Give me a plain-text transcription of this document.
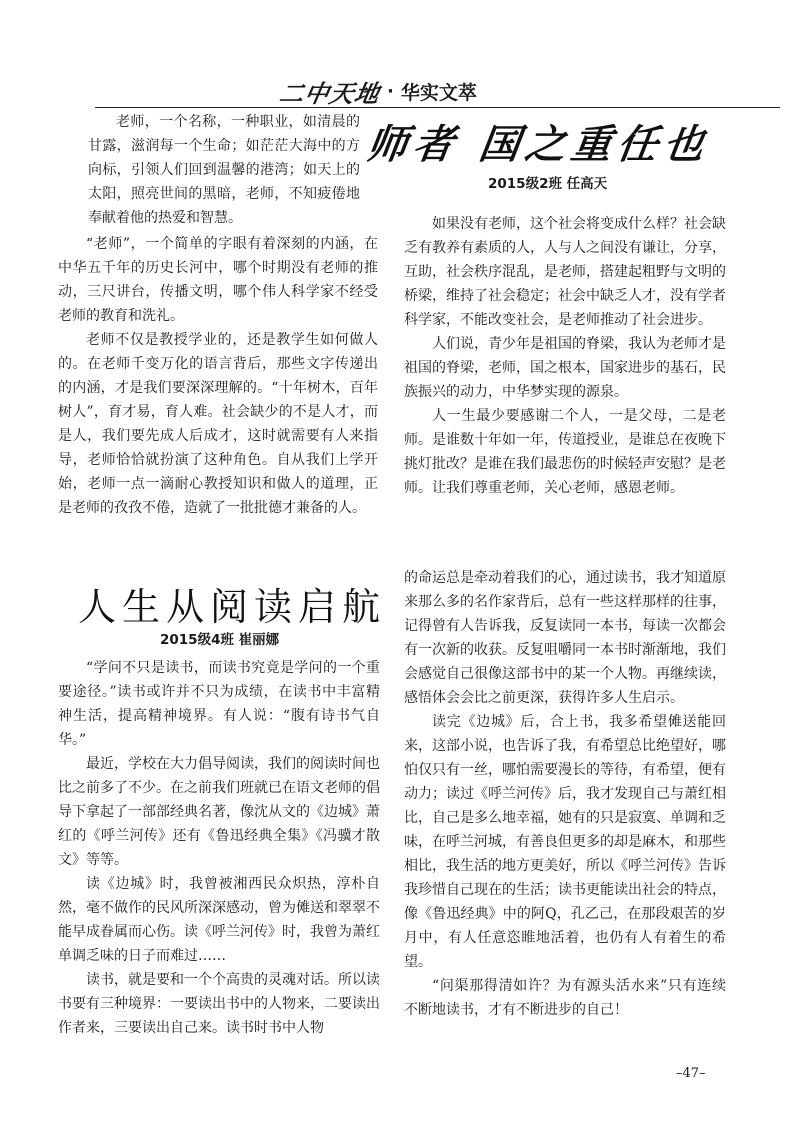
二中天地 · 华实文萃
师者 国之重任也
2015级2班 任高天

老师，一个名称，一种职业，如清晨的甘露，滋润每一个生命；如茫茫大海中的方向标，引领人们回到温馨的港湾；如天上的太阳，照亮世间的黑暗，老师，不知疲倦地奉献着他的热爱和智慧。

“老师”，一个简单的字眼有着深刻的内涵，在中华五千年的历史长河中，哪个时期没有老师的推动，三尺讲台，传播文明，哪个伟人科学家不经受老师的教育和洗礼。

老师不仅是教授学业的，还是教学生如何做人的。在老师千变万化的语言背后，那些文字传递出的内涵，才是我们要深深理解的。“十年树木，百年树人”，育才易，育人难。社会缺少的不是人才，而是人，我们要先成人后成才，这时就需要有人来指导，老师恰恰就扮演了这种角色。自从我们上学开始，老师一点一滴耐心教授知识和做人的道理，正是老师的孜孜不倦，造就了一批批德才兼备的人。

如果没有老师，这个社会将变成什么样？社会缺乏有教养有素质的人，人与人之间没有谦让，分享，互助，社会秩序混乱，是老师，搭建起粗野与文明的桥梁，维持了社会稳定；社会中缺乏人才，没有学者科学家，不能改变社会，是老师推动了社会进步。

人们说，青少年是祖国的脊梁，我认为老师才是祖国的脊梁，老师，国之根本，国家进步的基石，民族振兴的动力，中华梦实现的源泉。

人一生最少要感谢二个人，一是父母，二是老师。是谁数十年如一年，传道授业，是谁总在夜晚下挑灯批改？是谁在我们最悲伤的时候轻声安慰？是老师。让我们尊重老师，关心老师，感恩老师。

人生从阅读启航
2015级4班 崔丽娜

“学问不只是读书，而读书究竟是学问的一个重要途径。”读书或许并不只为成绩，在读书中丰富精神生活，提高精神境界。有人说：“腹有诗书气自华。”

最近，学校在大力倡导阅读，我们的阅读时间也比之前多了不少。在之前我们班就已在语文老师的倡导下拿起了一部部经典名著，像沈从文的《边城》萧红的《呼兰河传》还有《鲁迅经典全集》《冯骥才散文》等等。

读《边城》时，我曾被湘西民众炽热，淳朴自然，毫不做作的民风所深深感动，曾为傩送和翠翠不能早成眷属而心伤。读《呼兰河传》时，我曾为萧红单调乏味的日子而难过……

读书，就是要和一个个高贵的灵魂对话。所以读书要有三种境界：一要读出书中的人物来，二要读出作者来，三要读出自己来。读书时书中人物

的命运总是牵动着我们的心，通过读书，我才知道原来那么多的名作家背后，总有一些这样那样的往事，记得曾有人告诉我，反复读同一本书，每读一次都会有一次新的收获。反复咀嚼同一本书时渐渐地，我们会感觉自己很像这部书中的某一个人物。再继续读，感悟体会会比之前更深，获得许多人生启示。

读完《边城》后，合上书，我多希望傩送能回来，这部小说，也告诉了我，有希望总比绝望好，哪怕仅只有一丝，哪怕需要漫长的等待，有希望，便有动力；读过《呼兰河传》后，我才发现自己与萧红相比，自己是多么地幸福，她有的只是寂寞、单调和乏味，在呼兰河城，有善良但更多的却是麻木，和那些相比，我生活的地方更美好，所以《呼兰河传》告诉我珍惜自己现在的生活；读书更能读出社会的特点，像《鲁迅经典》中的阿Q，孔乙己，在那段艰苦的岁月中，有人任意恣睢地活着，也仍有人有着生的希望。

“问渠那得清如许？为有源头活水来”只有连续不断地读书，才有不断进步的自己！

–47–
